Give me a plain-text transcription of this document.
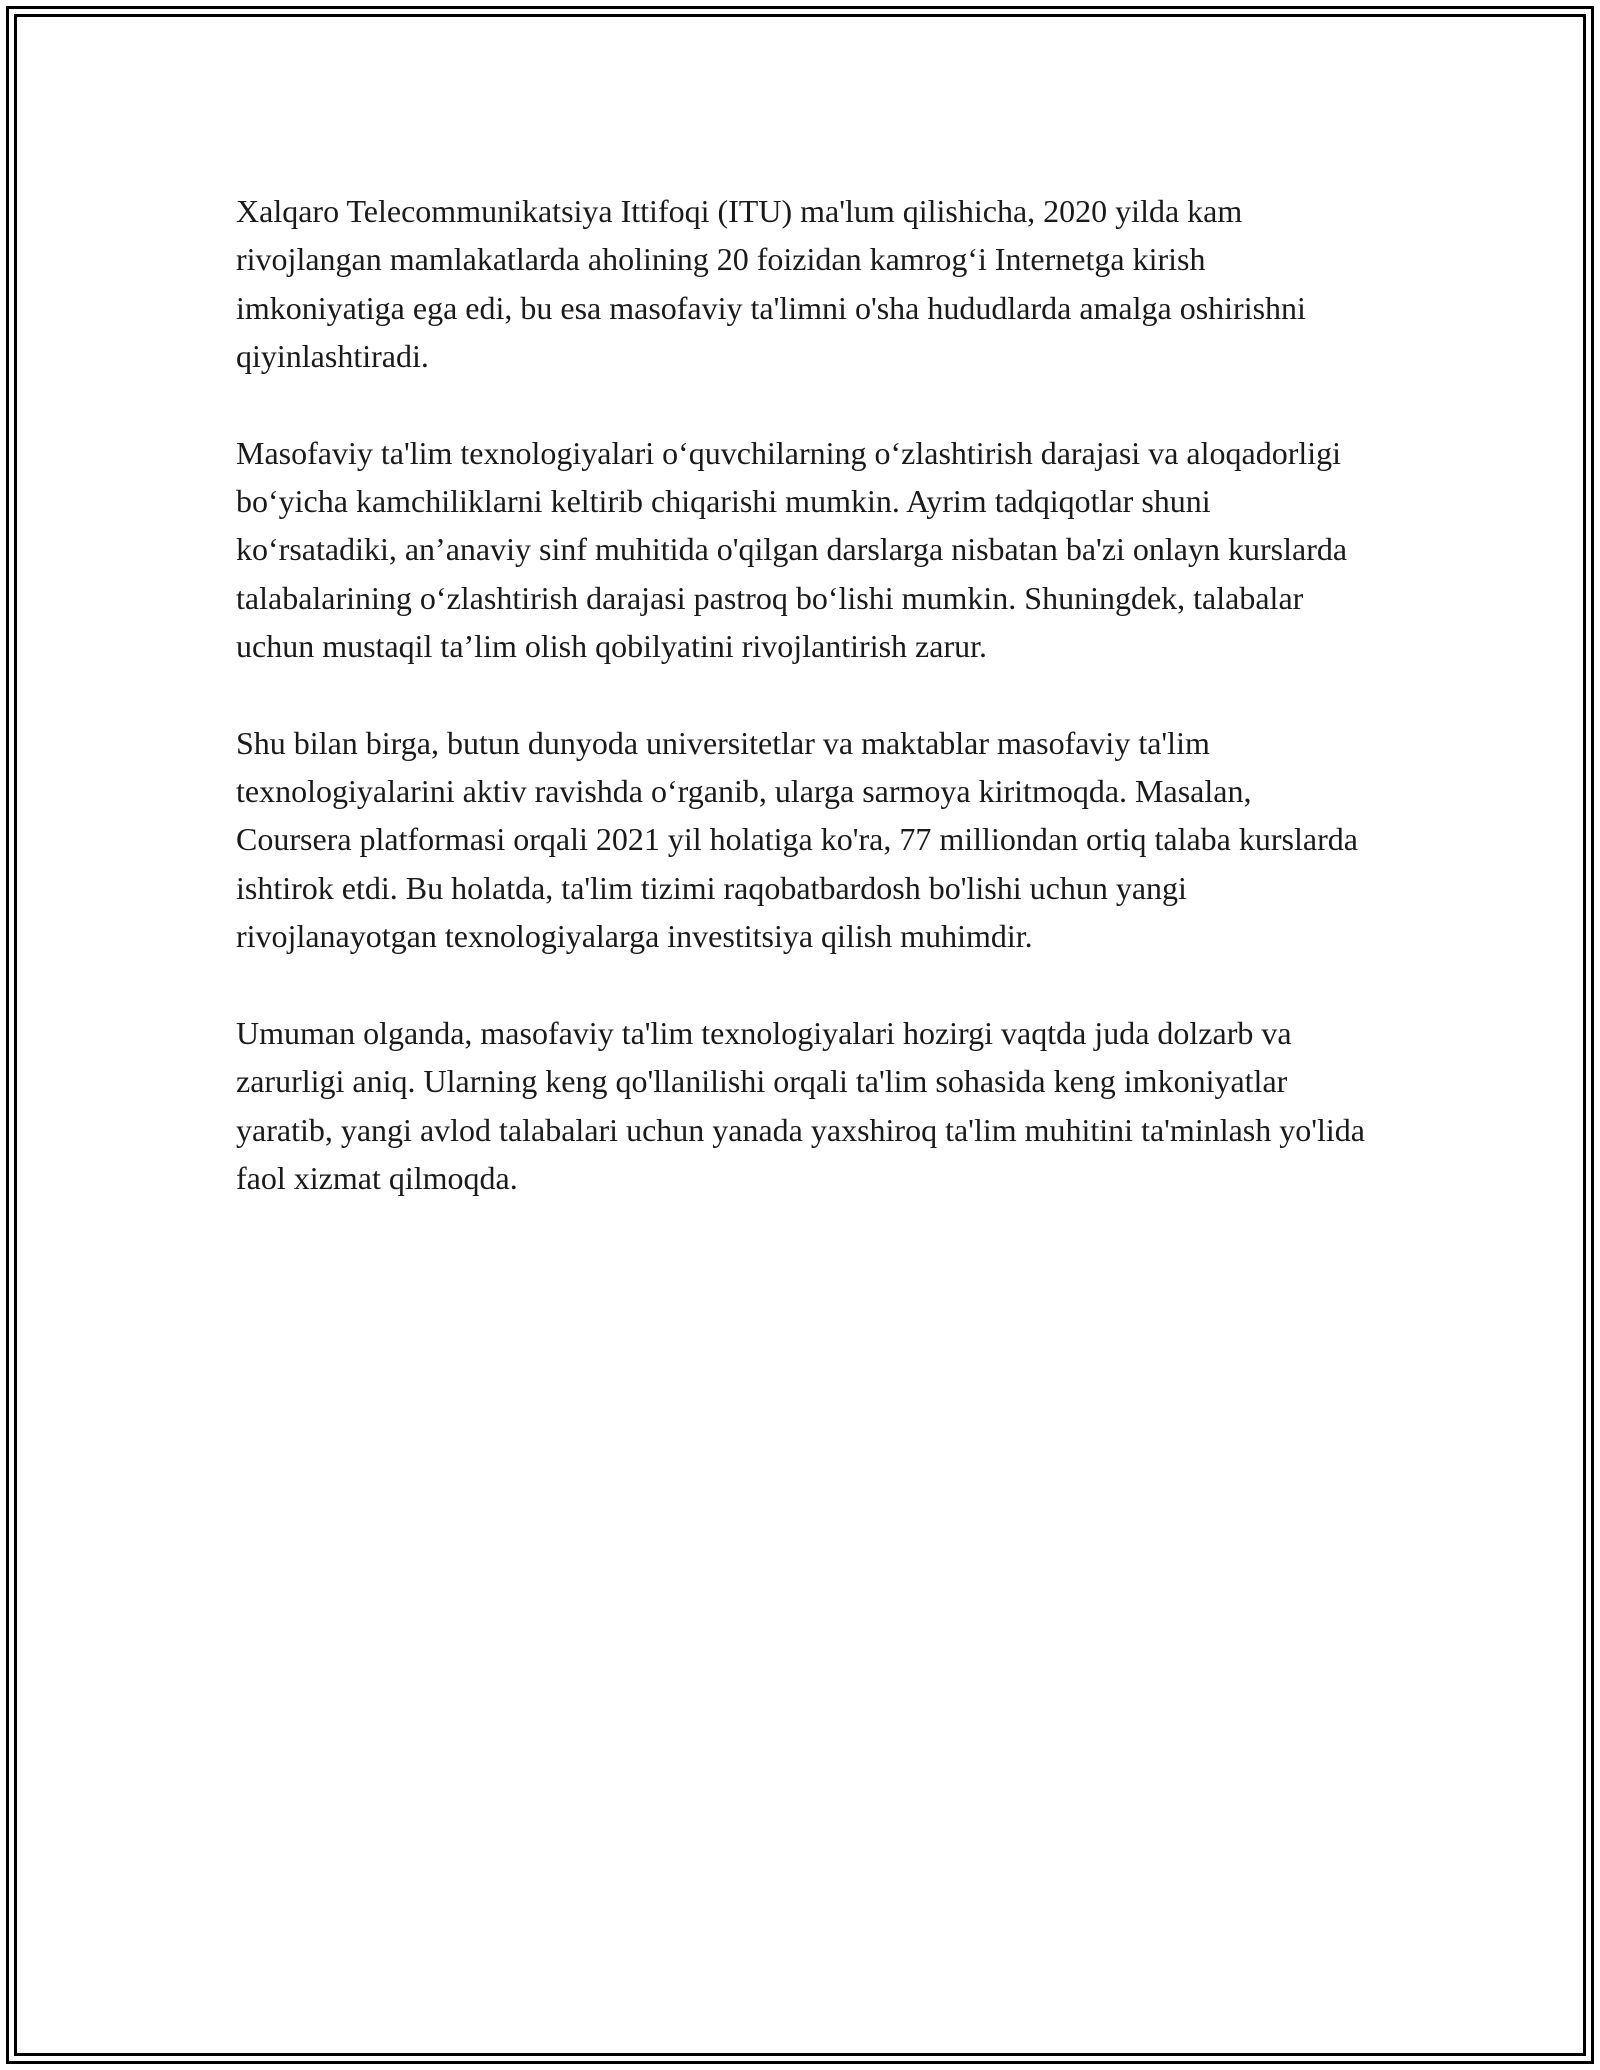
Xalqaro Telecommunikatsiya Ittifoqi (ITU) ma'lum qilishicha, 2020 yilda kam rivojlangan mamlakatlarda aholining 20 foizidan kamrog‘i Internetga kirish imkoniyatiga ega edi, bu esa masofaviy ta'limni o'sha hududlarda amalga oshirishni qiyinlashtiradi.

Masofaviy ta'lim texnologiyalari o‘quvchilarning o‘zlashtirish darajasi va aloqadorligi bo‘yicha kamchiliklarni keltirib chiqarishi mumkin. Ayrim tadqiqotlar shuni ko‘rsatadiki, an’anaviy sinf muhitida o'qilgan darslarga nisbatan ba'zi onlayn kurslarda talabalarining o‘zlashtirish darajasi pastroq bo‘lishi mumkin. Shuningdek, talabalar uchun mustaqil ta’lim olish qobilyatini rivojlantirish zarur.

Shu bilan birga, butun dunyoda universitetlar va maktablar masofaviy ta'lim texnologiyalarini aktiv ravishda o‘rganib, ularga sarmoya kiritmoqda. Masalan, Coursera platformasi orqali 2021 yil holatiga ko'ra, 77 milliondan ortiq talaba kurslarda ishtirok etdi. Bu holatda, ta'lim tizimi raqobatbardosh bo'lishi uchun yangi rivojlanayotgan texnologiyalarga investitsiya qilish muhimdir.

Umuman olganda, masofaviy ta'lim texnologiyalari hozirgi vaqtda juda dolzarb va zarurligi aniq. Ularning keng qo'llanilishi orqali ta'lim sohasida keng imkoniyatlar yaratib, yangi avlod talabalari uchun yanada yaxshiroq ta'lim muhitini ta'minlash yo'lida faol xizmat qilmoqda.
